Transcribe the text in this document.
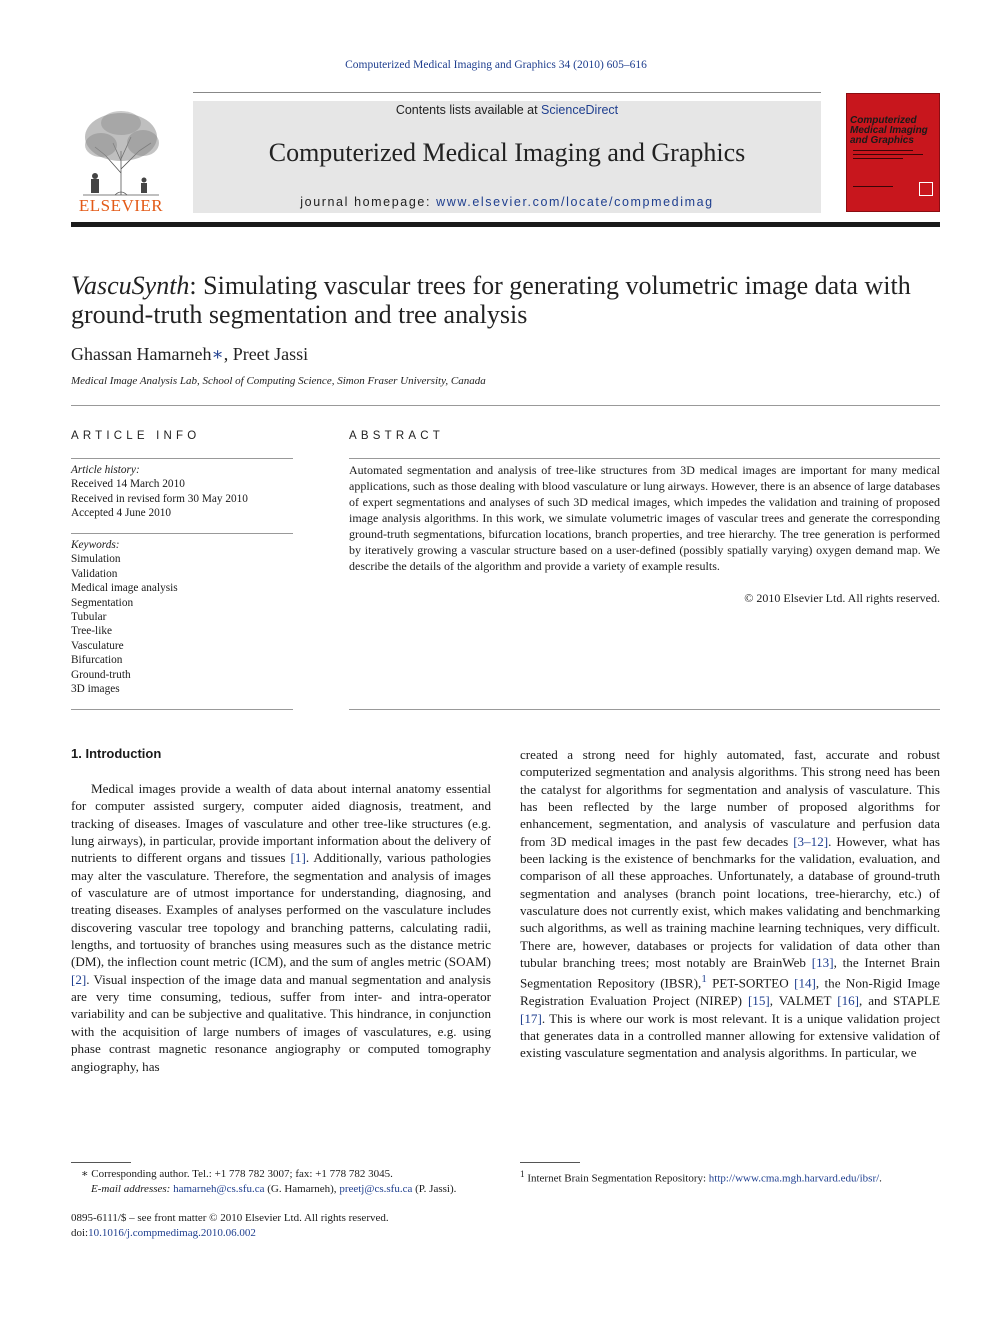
Computerized Medical Imaging and Graphics 34 (2010) 605–616
ELSEVIER
Contents lists available at ScienceDirect
Computerized Medical Imaging and Graphics
journal homepage: www.elsevier.com/locate/compmedimag
Computerized Medical Imaging and Graphics
VascuSynth: Simulating vascular trees for generating volumetric image data with ground-truth segmentation and tree analysis
Ghassan Hamarneh∗, Preet Jassi
Medical Image Analysis Lab, School of Computing Science, Simon Fraser University, Canada
ARTICLE INFO	ABSTRACT
Article history:
Received 14 March 2010
Received in revised form 30 May 2010
Accepted 4 June 2010
Keywords:
Simulation
Validation
Medical image analysis
Segmentation
Tubular
Tree-like
Vasculature
Bifurcation
Ground-truth
3D images
Automated segmentation and analysis of tree-like structures from 3D medical images are important for many medical applications, such as those dealing with blood vasculature or lung airways. However, there is an absence of large databases of expert segmentations and analyses of such 3D medical images, which impedes the validation and training of proposed image analysis algorithms. In this work, we simulate volumetric images of vascular trees and generate the corresponding ground-truth segmentations, bifurcation locations, branch properties, and tree hierarchy. The tree generation is performed by iteratively growing a vascular structure based on a user-defined (possibly spatially varying) oxygen demand map. We describe the details of the algorithm and provide a variety of example results.
© 2010 Elsevier Ltd. All rights reserved.
1. Introduction
Medical images provide a wealth of data about internal anatomy essential for computer assisted surgery, computer aided diagnosis, treatment, and tracking of diseases. Images of vasculature and other tree-like structures (e.g. lung airways), in particular, provide important information about the delivery of nutrients to different organs and tissues [1]. Additionally, various pathologies may alter the vasculature. Therefore, the segmentation and analysis of images of vasculature are of utmost importance for understanding, diagnosing, and treating diseases. Examples of analyses performed on the vasculature includes discovering vascular tree topology and branching patterns, calculating radii, lengths, and tortuosity of branches using measures such as the distance metric (DM), the inflection count metric (ICM), and the sum of angles metric (SOAM) [2]. Visual inspection of the image data and manual segmentation and analysis are very time consuming, tedious, suffer from inter- and intra-operator variability and can be subjective and qualitative. This hindrance, in conjunction with the acquisition of large numbers of images of vasculatures, e.g. using phase contrast magnetic resonance angiography or computed tomography angiography, has
created a strong need for highly automated, fast, accurate and robust computerized segmentation and analysis algorithms. This strong need has been the catalyst for algorithms for segmentation and analysis of vasculature. This has been reflected by the large number of proposed algorithms for enhancement, segmentation, and analysis of vasculature and perfusion data from 3D medical images in the past few decades [3–12]. However, what has been lacking is the existence of benchmarks for the validation, evaluation, and comparison of all these approaches. Unfortunately, a database of ground-truth segmentation and analyses (branch point locations, tree-hierarchy, etc.) of vasculature does not currently exist, which makes validating and benchmarking such algorithms, as well as training machine learning techniques, very difficult. There are, however, databases or projects for validation of data other than tubular branching trees; most notably are BrainWeb [13], the Internet Brain Segmentation Repository (IBSR),$^1$ PET-SORTEO [14], the Non-Rigid Image Registration Evaluation Project (NIREP) [15], VALMET [16], and STAPLE [17]. This is where our work is most relevant. It is a unique validation project that generates data in a controlled manner allowing for extensive validation of existing vasculature segmentation and analysis algorithms. In particular, we
∗ Corresponding author. Tel.: +1 778 782 3007; fax: +1 778 782 3045.
E-mail addresses: hamarneh@cs.sfu.ca (G. Hamarneh), preetj@cs.sfu.ca (P. Jassi).
$^1$ Internet Brain Segmentation Repository: http://www.cma.mgh.harvard.edu/ibsr/.
0895-6111/$ – see front matter © 2010 Elsevier Ltd. All rights reserved.
doi:10.1016/j.compmedimag.2010.06.002
